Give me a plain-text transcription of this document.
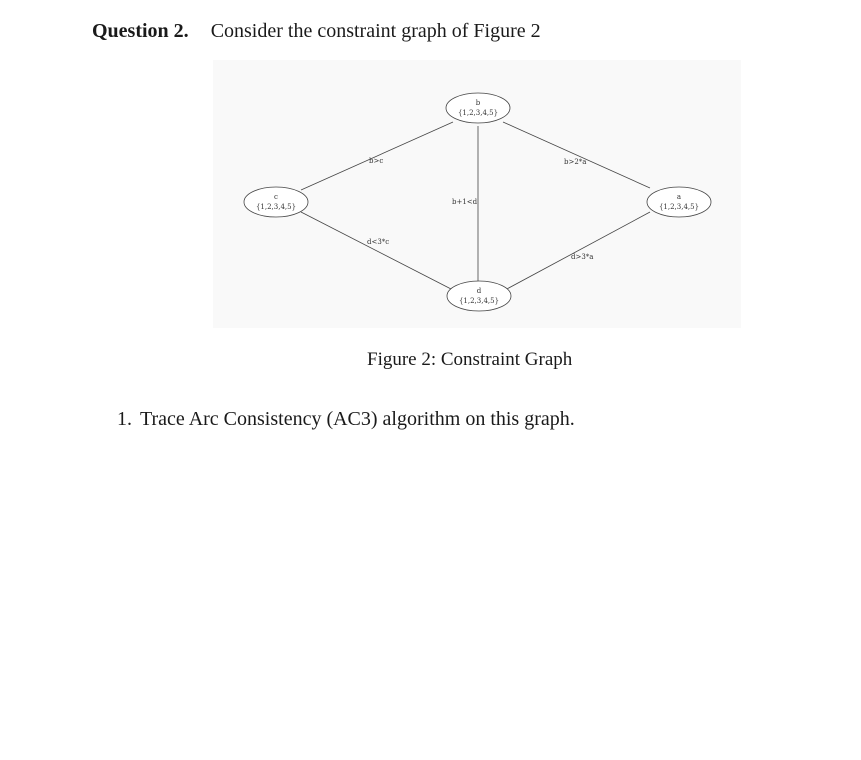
Question 2. Consider the constraint graph of Figure 2
b>c	b>2*a
b+1<d
d<3*c
d>3*a
b
{1,2,3,4,5}
c
{1,2,3,4,5}
a
{1,2,3,4,5}
d
{1,2,3,4,5}
Figure 2: Constraint Graph
1. Trace Arc Consistency (AC3) algorithm on this graph.
